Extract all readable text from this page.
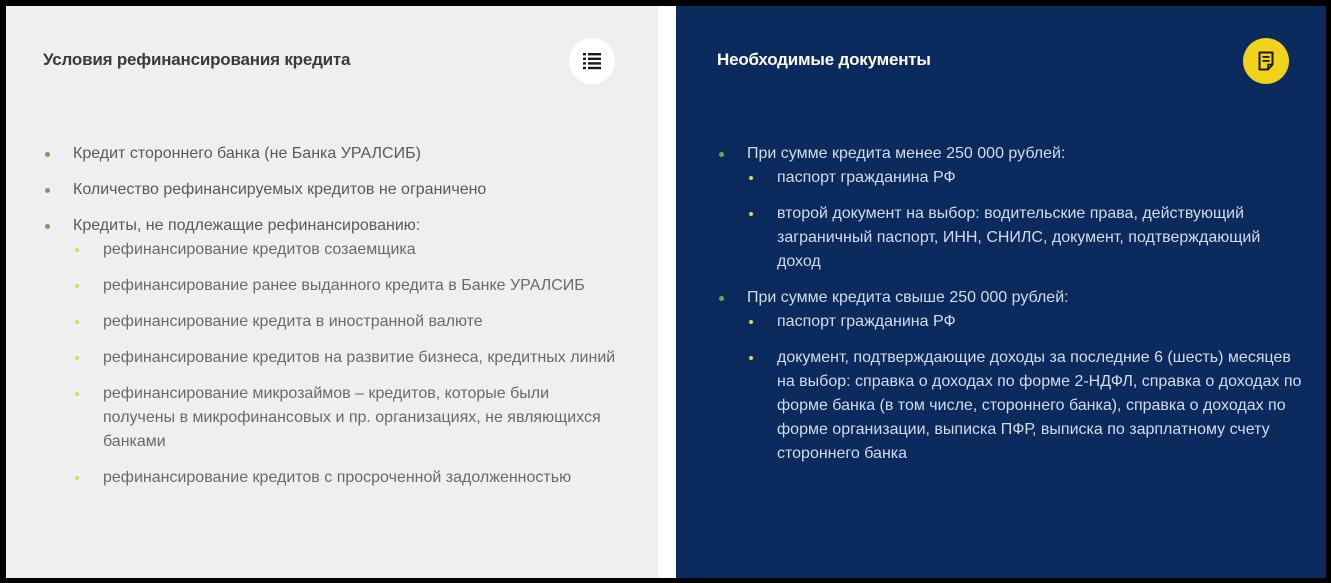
Условия рефинансирования кредита
Кредит стороннего банка (не Банка УРАЛСИБ)
Количество рефинансируемых кредитов не ограничено
Кредиты, не подлежащие рефинансированию:
рефинансирование кредитов созаемщика
рефинансирование ранее выданного кредита в Банке УРАЛСИБ
рефинансирование кредита в иностранной валюте
рефинансирование кредитов на развитие бизнеса, кредитных линий
рефинансирование микрозаймов – кредитов, которые были получены в микрофинансовых и пр. организациях, не являющихся банками
рефинансирование кредитов с просроченной задолженностью
Необходимые документы
При сумме кредита менее 250 000 рублей:
паспорт гражданина РФ
второй документ на выбор: водительские права, действующий заграничный паспорт, ИНН, СНИЛС, документ, подтверждающий доход
При сумме кредита свыше 250 000 рублей:
паспорт гражданина РФ
документ, подтверждающие доходы за последние 6 (шесть) месяцев на выбор: справка о доходах по форме 2-НДФЛ, справка о доходах по форме банка (в том числе, стороннего банка), справка о доходах по форме организации, выписка ПФР, выписка по зарплатному счету стороннего банка
